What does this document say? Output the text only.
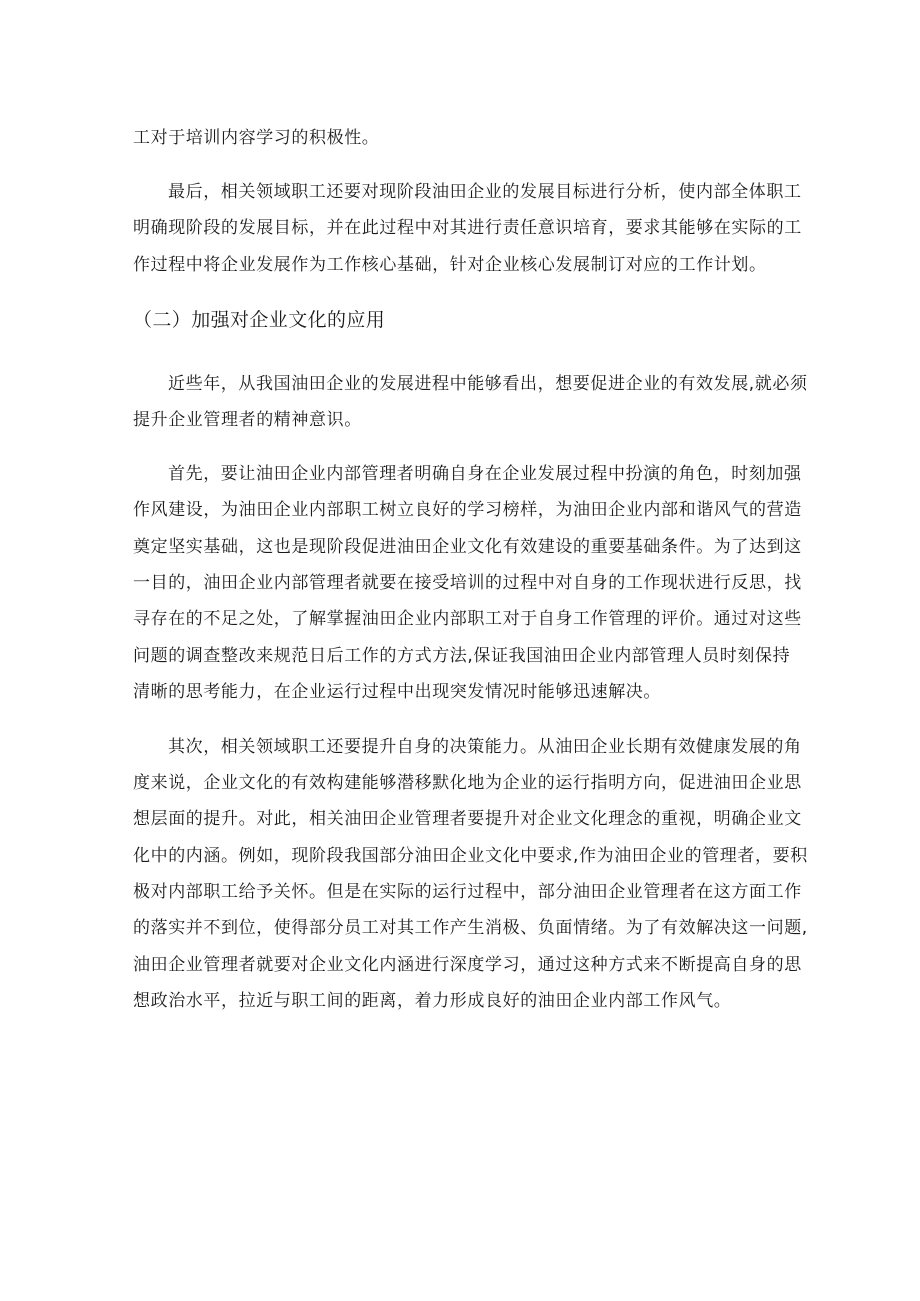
工对于培训内容学习的积极性。
最后，相关领域职工还要对现阶段油田企业的发展目标进行分析，使内部全体职工
明确现阶段的发展目标，并在此过程中对其进行责任意识培育，要求其能够在实际的工
作过程中将企业发展作为工作核心基础，针对企业核心发展制订对应的工作计划。
（二）加强对企业文化的应用
近些年，从我国油田企业的发展进程中能够看出，想要促进企业的有效发展,就必须
提升企业管理者的精神意识。
首先，要让油田企业内部管理者明确自身在企业发展过程中扮演的角色，时刻加强
作风建设，为油田企业内部职工树立良好的学习榜样，为油田企业内部和谐风气的营造
奠定坚实基础，这也是现阶段促进油田企业文化有效建设的重要基础条件。为了达到这
一目的，油田企业内部管理者就要在接受培训的过程中对自身的工作现状进行反思，找
寻存在的不足之处，了解掌握油田企业内部职工对于自身工作管理的评价。通过对这些
问题的调查整改来规范日后工作的方式方法,保证我国油田企业内部管理人员时刻保持
清晰的思考能力，在企业运行过程中出现突发情况时能够迅速解决。
其次，相关领域职工还要提升自身的决策能力。从油田企业长期有效健康发展的角
度来说，企业文化的有效构建能够潜移默化地为企业的运行指明方向，促进油田企业思
想层面的提升。对此，相关油田企业管理者要提升对企业文化理念的重视，明确企业文
化中的内涵。例如，现阶段我国部分油田企业文化中要求,作为油田企业的管理者，要积
极对内部职工给予关怀。但是在实际的运行过程中，部分油田企业管理者在这方面工作
的落实并不到位，使得部分员工对其工作产生消极、负面情绪。为了有效解决这一问题,
油田企业管理者就要对企业文化内涵进行深度学习，通过这种方式来不断提高自身的思
想政治水平，拉近与职工间的距离，着力形成良好的油田企业内部工作风气。
